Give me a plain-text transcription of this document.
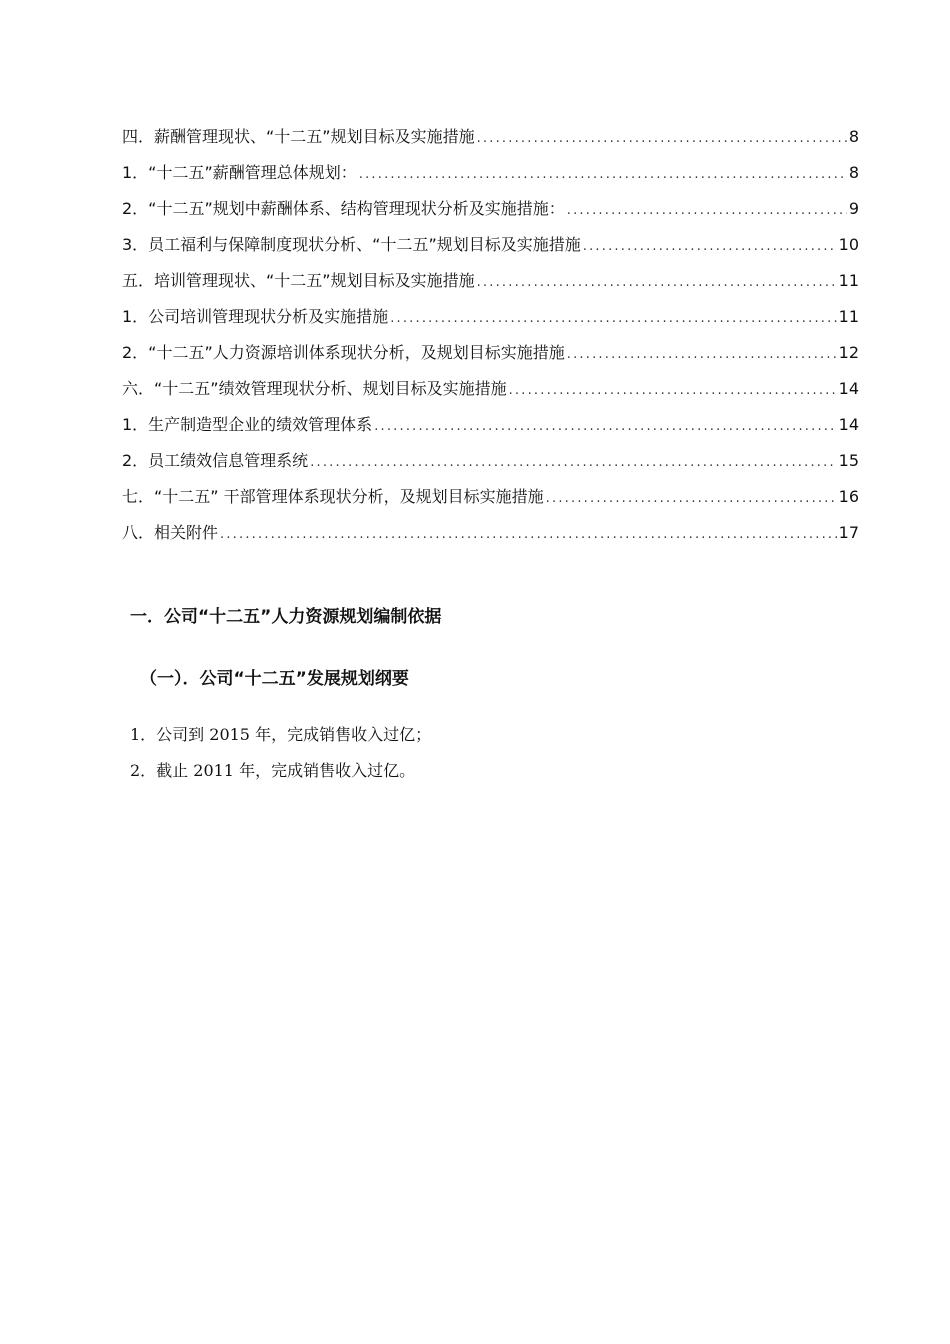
四．薪酬管理现状、“十二五”规划目标及实施措施 .....	8
1．“十二五”薪酬管理总体规划： .....	8
2．“十二五”规划中薪酬体系、结构管理现状分析及实施措施： .....	9
3．员工福利与保障制度现状分析、“十二五”规划目标及实施措施 .....	10
五．培训管理现状、“十二五”规划目标及实施措施 .....	11
1．公司培训管理现状分析及实施措施 .....	11
2．“十二五”人力资源培训体系现状分析，及规划目标实施措施 .....	12
六．“十二五”绩效管理现状分析、规划目标及实施措施 .....	14
1．生产制造型企业的绩效管理体系 .....	14
2．员工绩效信息管理系统 .....	15
七．“十二五” 干部管理体系现状分析，及规划目标实施措施 .....	16
八．相关附件 .....	17
一．公司“十二五”人力资源规划编制依据
（一）．公司“十二五”发展规划纲要
1．公司到 2015 年，完成销售收入过亿；
2．截止 2011 年，完成销售收入过亿。
